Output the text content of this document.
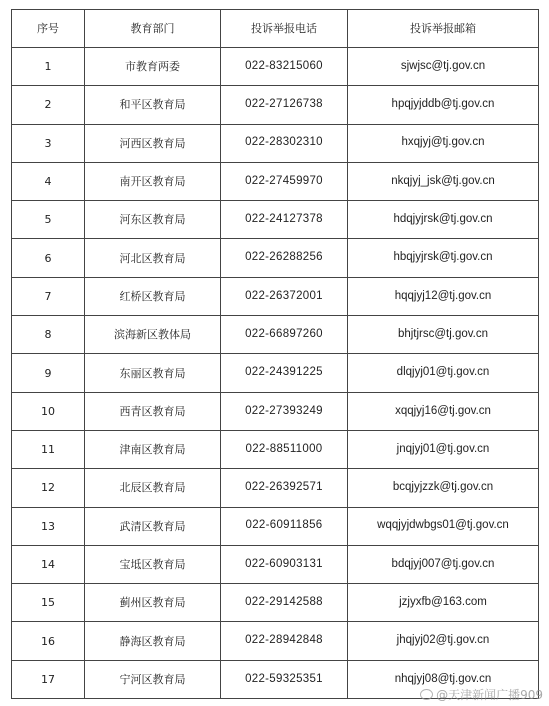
序号	教育部门	投诉举报电话	投诉举报邮箱
1	市教育两委	022-83215060	sjwjsc@tj.gov.cn
2	和平区教育局	022-27126738	hpqjyjddb@tj.gov.cn
3	河西区教育局	022-28302310	hxqjyj@tj.gov.cn
4	南开区教育局	022-27459970	nkqjyj_jsk@tj.gov.cn
5	河东区教育局	022-24127378	hdqjyjrsk@tj.gov.cn
6	河北区教育局	022-26288256	hbqjyjrsk@tj.gov.cn
7	红桥区教育局	022-26372001	hqqjyj12@tj.gov.cn
8	滨海新区教体局	022-66897260	bhjtjrsc@tj.gov.cn
9	东丽区教育局	022-24391225	dlqjyj01@tj.gov.cn
10	西青区教育局	022-27393249	xqqjyj16@tj.gov.cn
11	津南区教育局	022-88511000	jnqjyj01@tj.gov.cn
12	北辰区教育局	022-26392571	bcqjyjzzk@tj.gov.cn
13	武清区教育局	022-60911856	wqqjyjdwbgs01@tj.gov.cn
14	宝坻区教育局	022-60903131	bdqjyj007@tj.gov.cn
15	蓟州区教育局	022-29142588	jzjyxfb@163.com
16	静海区教育局	022-28942848	jhqjyj02@tj.gov.cn
17	宁河区教育局	022-59325351	nhqjyj08@tj.gov.cn
@天津新闻广播909
